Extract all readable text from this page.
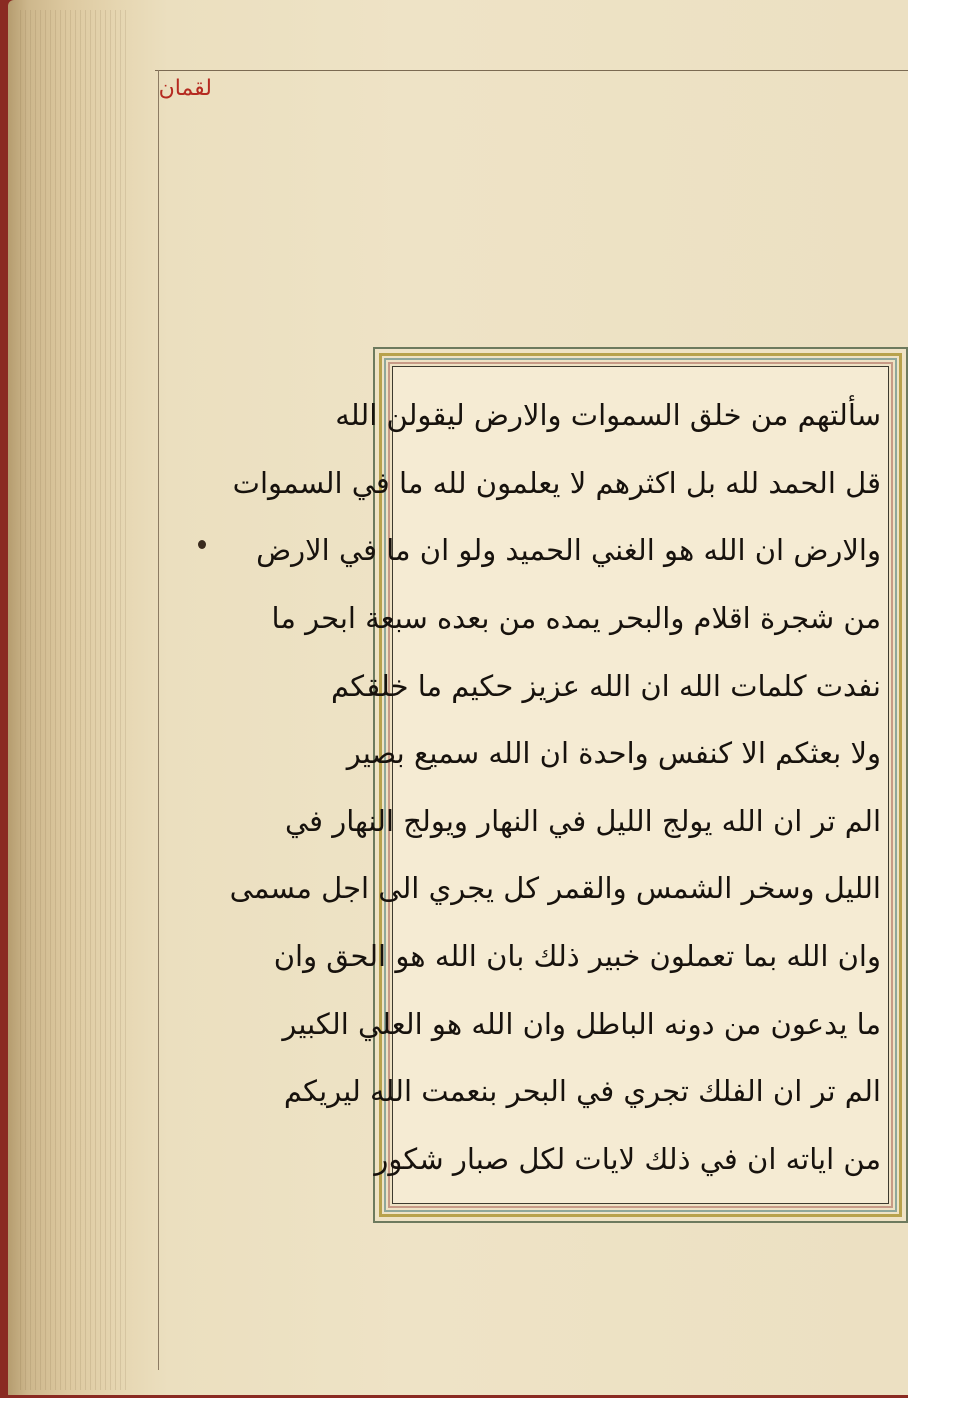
لقمان
سألتهم من خلق السموات والارض ليقولن الله
قل الحمد لله بل اكثرهم لا يعلمون لله ما في السموات
والارض ان الله هو الغني الحميد ولو ان ما في الارض
من شجرة اقلام والبحر يمده من بعده سبعة ابحر ما
نفدت كلمات الله ان الله عزيز حكيم ما خلقكم
ولا بعثكم الا كنفس واحدة ان الله سميع بصير
الم تر ان الله يولج الليل في النهار ويولج النهار في
الليل وسخر الشمس والقمر كل يجري الى اجل مسمى
وان الله بما تعملون خبير ذلك بان الله هو الحق وان
ما يدعون من دونه الباطل وان الله هو العلي الكبير
الم تر ان الفلك تجري في البحر بنعمت الله ليريكم
من اياته ان في ذلك لايات لكل صبار شكور
